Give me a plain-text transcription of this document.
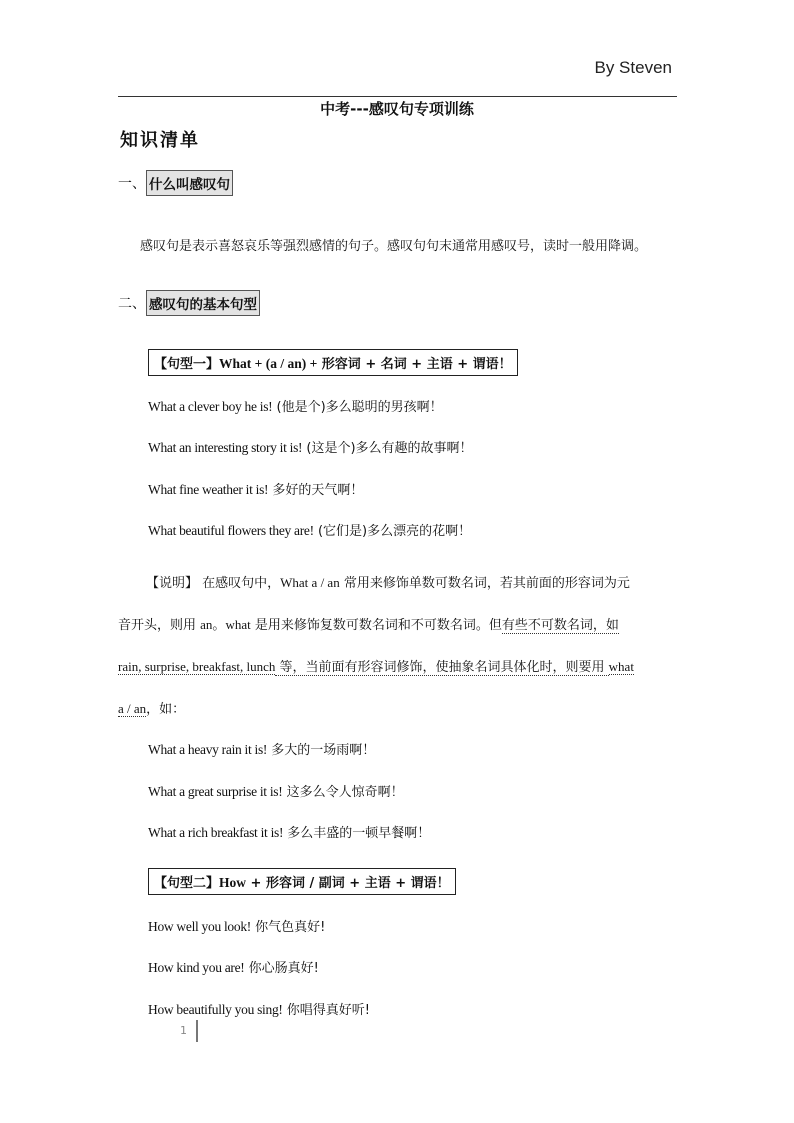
By Steven
中考---感叹句专项训练
知识清单
一、 什么叫感叹句
感叹句是表示喜怒哀乐等强烈感情的句子。感叹句句末通常用感叹号，读时一般用降调。
二、 感叹句的基本句型
【句型一】What + (a / an) + 形容词 + 名词 + 主语 + 谓语！
What a clever boy he is! (他是个)多么聪明的男孩啊！
What an interesting story it is! (这是个)多么有趣的故事啊！
What fine weather it is! 多好的天气啊！
What beautiful flowers they are! (它们是)多么漂亮的花啊！
【说明】 在感叹句中，What a / an 常用来修饰单数可数名词，若其前面的形容词为元
音开头，则用 an。what 是用来修饰复数可数名词和不可数名词。但有些不可数名词，如
rain, surprise, breakfast, lunch 等，当前面有形容词修饰，使抽象名词具体化时，则要用 what
a / an，如：
What a heavy rain it is! 多大的一场雨啊！
What a great surprise it is! 这多么令人惊奇啊！
What a rich breakfast it is! 多么丰盛的一顿早餐啊！
【句型二】How + 形容词 / 副词 + 主语 + 谓语！
How well you look! 你气色真好!
How kind you are! 你心肠真好!
How beautifully you sing! 你唱得真好听!
1
